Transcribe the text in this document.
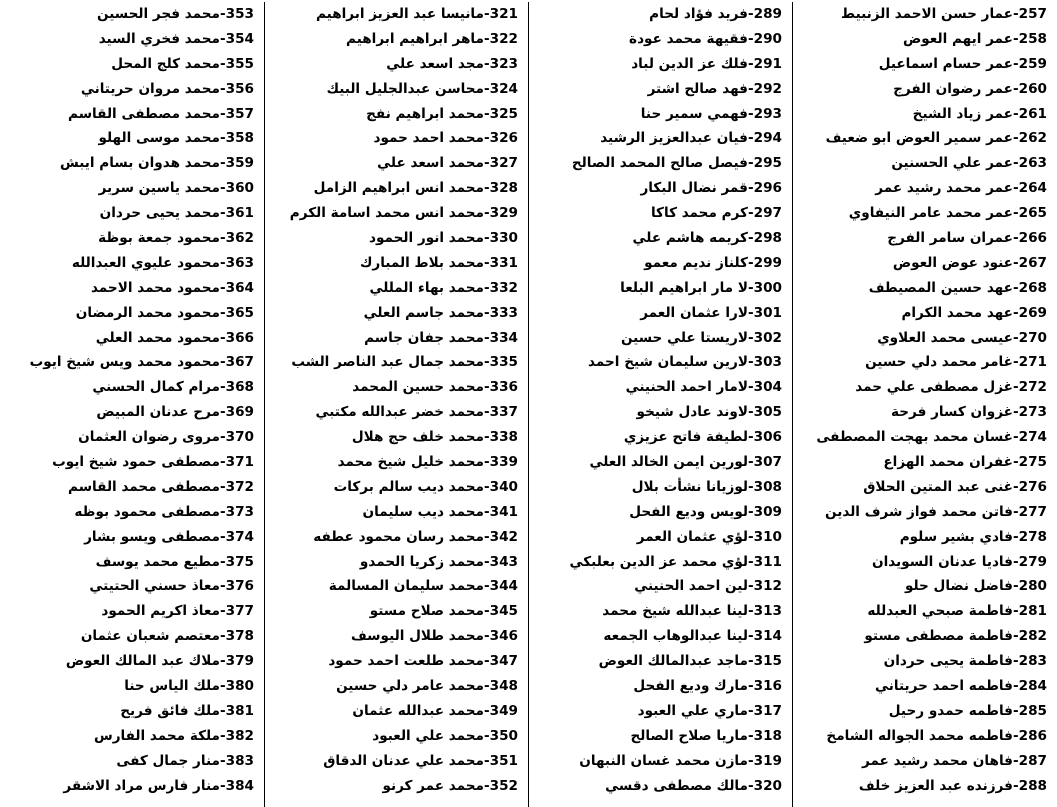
257-عمار حسن الاحمد الزنبيط
258-عمر ايهم العوض
259-عمر حسام اسماعيل
260-عمر رضوان الفرج
261-عمر زياد الشيخ
262-عمر سمير العوض ابو ضعيف
263-عمر علي الحسنين
264-عمر محمد رشيد عمر
265-عمر محمد عامر النيفاوي
266-عمران سامر الفرج
267-عنود عوض العوض
268-عهد حسين المصيطف
269-عهد محمد الكرام
270-عيسى محمد العلاوي
271-غامر محمد دلي حسين
272-غزل مصطفى علي حمد
273-غزوان كسار فرحة
274-غسان محمد بهجت المصطفى
275-غفران محمد الهزاع
276-غنى عبد المتين الحلاق
277-فاتن محمد فواز شرف الدين
278-فادي بشير سلوم
279-فاديا عدنان السويدان
280-فاضل نضال حلو
281-فاطمة صبحي العبدلله
282-فاطمة مصطفى مستو
283-فاطمة يحيى حردان
284-فاطمه احمد حريتاني
285-فاطمه حمدو رحيل
286-فاطمه محمد الجواله الشامخ
287-فاهان محمد رشيد عمر
288-فرزنده عبد العزيز خلف
289-فريد فؤاد لحام
290-فقيهة محمد عودة
291-فلك عز الدين لباد
292-فهد صالح اشتر
293-فهمي سمير حنا
294-فيان عبدالعزيز الرشيد
295-فيصل صالح المحمد الصالح
296-قمر نضال البكار
297-كرم محمد كاكا
298-كريمه هاشم علي
299-كلناز نديم معمو
300-لا مار ابراهيم البلعا
301-لارا عثمان العمر
302-لاريستا علي حسين
303-لارين سليمان شيخ احمد
304-لامار احمد الحنيني
305-لاوند عادل شيخو
306-لطيفة فاتح عزيزي
307-لورين ايمن الخالد العلي
308-لوزيانا نشأت بلال
309-لويس وديع الفحل
310-لؤي عثمان العمر
311-لؤي محمد عز الدين بعلبكي
312-لين احمد الحنيني
313-لينا عبدالله شيخ محمد
314-لينا عبدالوهاب الجمعه
315-ماجد عبدالمالك العوض
316-مارك وديع الفحل
317-ماري علي العبود
318-ماريا صلاح الصالح
319-مازن محمد غسان النبهان
320-مالك مصطفى دقسي
321-مانيسا عبد العزيز ابراهيم
322-ماهر ابراهيم ابراهيم
323-مجد اسعد علي
324-محاسن عبدالجليل البيك
325-محمد ابراهيم نفج
326-محمد احمد حمود
327-محمد اسعد علي
328-محمد انس ابراهيم الزامل
329-محمد انس محمد اسامة الكرم
330-محمد انور الحمود
331-محمد بلاط المبارك
332-محمد بهاء المللي
333-محمد جاسم العلي
334-محمد جفان جاسم
335-محمد جمال عبد الناصر الشب
336-محمد حسين المحمد
337-محمد خضر عبدالله مكتبي
338-محمد خلف حج هلال
339-محمد خليل شيخ محمد
340-محمد ديب سالم بركات
341-محمد ديب سليمان
342-محمد رسان محمود عطفه
343-محمد زكريا الحمدو
344-محمد سليمان المسالمة
345-محمد صلاح مستو
346-محمد طلال اليوسف
347-محمد طلعت احمد حمود
348-محمد عامر دلي حسين
349-محمد عبدالله عثمان
350-محمد علي العبود
351-محمد علي عدنان الدقاق
352-محمد عمر كرنو
353-محمد فجر الحسين
354-محمد فخري السيد
355-محمد كلج المحل
356-محمد مروان حريتاني
357-محمد مصطفى القاسم
358-محمد موسى الهلو
359-محمد هدوان بسام ايبش
360-محمد ياسين سرير
361-محمد يحيى حردان
362-محمود جمعة بوظة
363-محمود عليوي العبدالله
364-محمود محمد الاحمد
365-محمود محمد الرمضان
366-محمود محمد العلي
367-محمود محمد ويس شيخ ايوب
368-مرام كمال الحسني
369-مرح عدنان المبيض
370-مروى رضوان العثمان
371-مصطفى حمود شيخ ايوب
372-مصطفى محمد القاسم
373-مصطفى محمود بوظه
374-مصطفى ويسو بشار
375-مطيع محمد يوسف
376-معاذ حسني الحتيتي
377-معاذ اكريم الحمود
378-معتصم شعبان عثمان
379-ملاك عبد المالك العوض
380-ملك الياس حنا
381-ملك فائق فريح
382-ملكة محمد الفارس
383-منار جمال كفى
384-منار فارس مراد الاشقر
